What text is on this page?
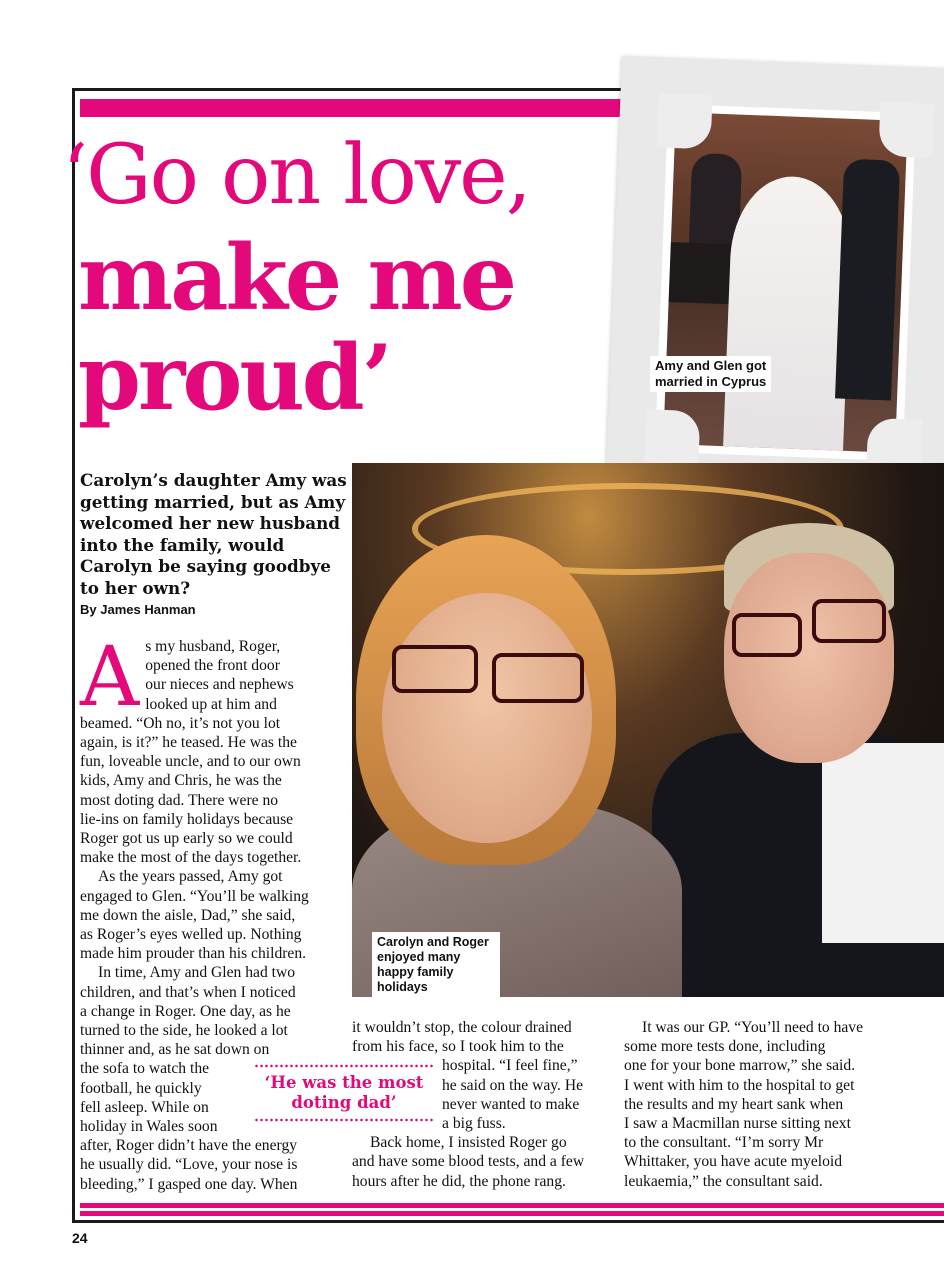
‘Go on love,
make me
proud’	Amy and Glen got
married in Cyprus
Carolyn and Roger enjoyed many happy family holidays
Carolyn’s daughter Amy was getting married, but as Amy welcomed her new husband into the family, would Carolyn be saying goodbye to her own?
By James Hanman
A s my husband, Roger,
opened the front door
our nieces and nephews
looked up at him and
beamed. “Oh no, it’s not you lot
again, is it?” he teased. He was the
fun, loveable uncle, and to our own
kids, Amy and Chris, he was the
most doting dad. There were no
lie-ins on family holidays because
Roger got us up early so we could
make the most of the days together.
As the years passed, Amy got
engaged to Glen. “You’ll be walking
me down the aisle, Dad,” she said,
as Roger’s eyes welled up. Nothing
made him prouder than his children.
In time, Amy and Glen had two
children, and that’s when I noticed
a change in Roger. One day, as he
turned to the side, he looked a lot
thinner and, as he sat down on
the sofa to watch the
football, he quickly
fell asleep. While on
holiday in Wales soon
after, Roger didn’t have the energy
he usually did. “Love, your nose is
bleeding,” I gasped one day. When
‘He was the most
doting dad’
it wouldn’t stop, the colour drained
from his face, so I took him to the
hospital. “I feel fine,”
he said on the way. He
never wanted to make
a big fuss.
Back home, I insisted Roger go
and have some blood tests, and a few
hours after he did, the phone rang.
It was our GP. “You’ll need to have
some more tests done, including
one for your bone marrow,” she said.
I went with him to the hospital to get
the results and my heart sank when
I saw a Macmillan nurse sitting next
to the consultant. “I’m sorry Mr
Whittaker, you have acute myeloid
leukaemia,” the consultant said.
24
